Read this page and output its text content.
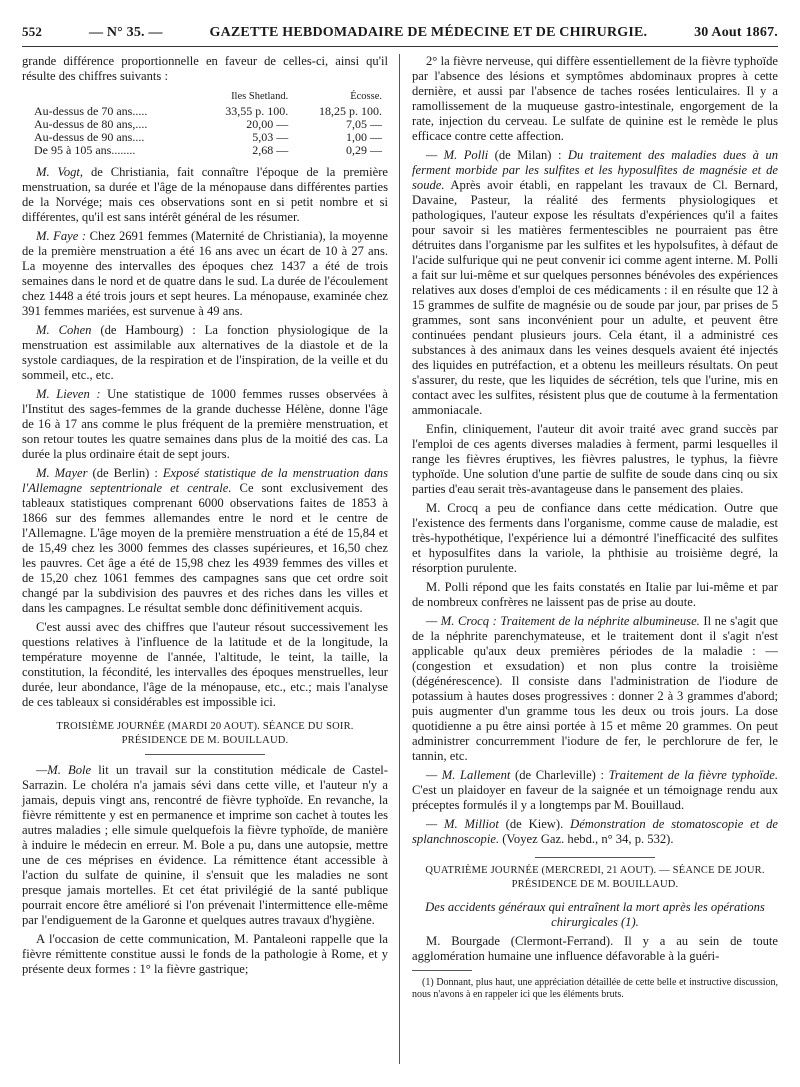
552	— N° 35. —	GAZETTE HEBDOMADAIRE DE MÉDECINE ET DE CHIRURGIE.	30 Aout 1867.

grande différence proportionnelle en faveur de celles-ci, ainsi qu'il résulte des chiffres suivants :

	Iles Shetland.	Écosse.
Au-dessus de 70 ans.....	33,55 p. 100.	18,25 p. 100.
Au-dessus de 80 ans,....	20,00 —	7,05 —
Au-dessus de 90 ans....	5,03 —	1,00 —
De 95 à 105 ans........	2,68 —	0,29 —

M. Vogt, de Christiania, fait connaître l'époque de la première menstruation, sa durée et l'âge de la ménopause dans différentes parties de la Norvége; mais ces observations sont en si petit nombre et si différentes, qu'il est sans intérêt général de les résumer.

M. Faye : Chez 2691 femmes (Maternité de Christiania), la moyenne de la première menstruation a été 16 ans avec un écart de 10 à 27 ans. La moyenne des intervalles des époques chez 1437 a été de trois semaines dans le nord et de quatre dans le sud. La durée de l'écoulement chez 1448 a été trois jours et sept heures. La ménopause, examinée chez 391 femmes mariées, est survenue à 49 ans.

M. Cohen (de Hambourg) : La fonction physiologique de la menstruation est assimilable aux alternatives de la diastole et de la systole cardiaques, de la respiration et de l'inspiration, de la veille et du sommeil, etc., etc.

M. Lieven : Une statistique de 1000 femmes russes observées à l'Institut des sages-femmes de la grande duchesse Hélène, donne l'âge de 16 à 17 ans comme le plus fréquent de la première menstruation, et son retour toutes les quatre semaines dans plus de la moitié des cas. La durée la plus ordinaire était de sept jours.

M. Mayer (de Berlin) : Exposé statistique de la menstruation dans l'Allemagne septentrionale et centrale. Ce sont exclusivement des tableaux statistiques comprenant 6000 observations faites de 1853 à 1866 sur des femmes allemandes entre le nord et le centre de l'Allemagne. L'âge moyen de la première menstruation a été de 15,84 et de 15,49 chez les 3000 femmes des classes supérieures, et 16,50 chez les pauvres. Cet âge a été de 15,98 chez les 4939 femmes des villes et de 15,20 chez 1061 femmes des campagnes sans que cet ordre soit changé par la subdivision des pauvres et des riches dans les villes et dans les campagnes. Le résultat semble donc définitivement acquis.

C'est aussi avec des chiffres que l'auteur résout successivement les questions relatives à l'influence de la latitude et de la longitude, la température moyenne de l'année, l'altitude, le teint, la taille, la constitution, la fécondité, les intervalles des époques menstruelles, leur durée, leur abondance, l'âge de la ménopause, etc., etc.; mais l'analyse de ces tableaux si considérables est impossible ici.

TROISIÈME JOURNÉE (MARDI 20 AOUT). SÉANCE DU SOIR.
PRÉSIDENCE DE M. BOUILLAUD.

—M. Bole lit un travail sur la constitution médicale de Castel-Sarrazin. Le choléra n'a jamais sévi dans cette ville, et l'auteur n'y a jamais, depuis vingt ans, rencontré de fièvre typhoïde. En revanche, la fièvre rémittente y est en permanence et imprime son cachet à toutes les autres maladies ; elle simule quelquefois la fièvre typhoïde, de manière à induire le médecin en erreur. M. Bole a pu, dans une autopsie, mettre une de ces méprises en évidence. La rémittence étant accessible à l'action du sulfate de quinine, il s'ensuit que les maladies ne sont presque jamais mortelles. Et cet état privilégié de la santé publique pourrait encore être amélioré si l'on prévenait l'intermittence elle-même par l'endiguement de la Garonne et quelques autres travaux d'hygiène.

A l'occasion de cette communication, M. Pantaleoni rappelle que la fièvre rémittente constitue aussi le fonds de la pathologie à Rome, et y présente deux formes : 1° la fièvre gastrique;

2° la fièvre nerveuse, qui diffère essentiellement de la fièvre typhoïde par l'absence des lésions et symptômes abdominaux propres à cette dernière, et aussi par l'absence de taches rosées lenticulaires. Il y a ramollissement de la muqueuse gastro-intestinale, engorgement de la rate, injection du cerveau. Le sulfate de quinine est le remède le plus efficace contre cette affection.

— M. Polli (de Milan) : Du traitement des maladies dues à un ferment morbide par les sulfites et les hyposulfites de magnésie et de soude. Après avoir établi, en rappelant les travaux de Cl. Bernard, Davaine, Pasteur, la réalité des ferments physiologiques et pathologiques, l'auteur expose les résultats d'expériences qu'il a faites pour savoir si les matières fermentescibles ne pourraient pas être détruites dans l'organisme par les sulfites et les hypolsufites, à défaut de l'acide sulfurique qui ne peut convenir ici comme agent interne. M. Polli a fait sur lui-même et sur quelques personnes bénévoles des expériences relatives aux doses d'emploi de ces médicaments : il en résulte que 12 à 15 grammes de sulfite de magnésie ou de soude par jour, par prises de 5 grammes, sont sans inconvénient pour un adulte, et peuvent être continuées pendant plusieurs jours. Cela étant, il a administré ces substances à des animaux dans les veines desquels avaient été injectés des liquides en putréfaction, et a obtenu les meilleurs résultats. On peut s'assurer, du reste, que les liquides de sécrétion, tels que l'urine, mis en contact avec les sulfites, résistent plus que de coutume à la fermentation ammoniacale.

Enfin, cliniquement, l'auteur dit avoir traité avec grand succès par l'emploi de ces agents diverses maladies à ferment, parmi lesquelles il range les fièvres éruptives, les fièvres palustres, le typhus, la fièvre typhoïde. Une solution d'une partie de sulfite de soude dans cinq ou six parties d'eau serait très-avantageuse dans le pansement des plaies.

M. Crocq a peu de confiance dans cette médication. Outre que l'existence des ferments dans l'organisme, comme cause de maladie, est très-hypothétique, l'expérience lui a démontré l'inefficacité des sulfites et hyposulfites dans la variole, la phthisie au troisième degré, la résorption purulente.

M. Polli répond que les faits constatés en Italie par lui-même et par de nombreux confrères ne laissent pas de prise au doute.

— M. Crocq : Traitement de la néphrite albumineuse. Il ne s'agit que de la néphrite parenchymateuse, et le traitement dont il s'agit n'est applicable qu'aux deux premières périodes de la maladie : — (congestion et exsudation) et non plus contre la troisième (dégénérescence). Il consiste dans l'administration de l'iodure de potassium à hautes doses progressives : donner 2 à 3 grammes d'abord; puis augmenter d'un gramme tous les deux ou trois jours. La dose quotidienne a pu être ainsi portée à 15 et même 20 grammes. On peut administrer concurremment l'iodure de fer, le perchlorure de fer, le tannin, etc.

— M. Lallement (de Charleville) : Traitement de la fièvre typhoïde. C'est un plaidoyer en faveur de la saignée et un témoignage rendu aux préceptes formulés il y a longtemps par M. Bouillaud.

— M. Milliot (de Kiew). Démonstration de stomatoscopie et de splanchnoscopie. (Voyez Gaz. hebd., n° 34, p. 532).

QUATRIÈME JOURNÉE (MERCREDI, 21 AOUT). — SÉANCE DE JOUR.
PRÉSIDENCE DE M. BOUILLAUD.
Des accidents généraux qui entraînent la mort après les opérations chirurgicales (1).

M. Bourgade (Clermont-Ferrand). Il y a au sein de toute agglomération humaine une influence défavorable à la guéri-

(1) Donnant, plus haut, une appréciation détaillée de cette belle et instructive discussion, nous n'avons à en rappeler ici que les éléments bruts.
